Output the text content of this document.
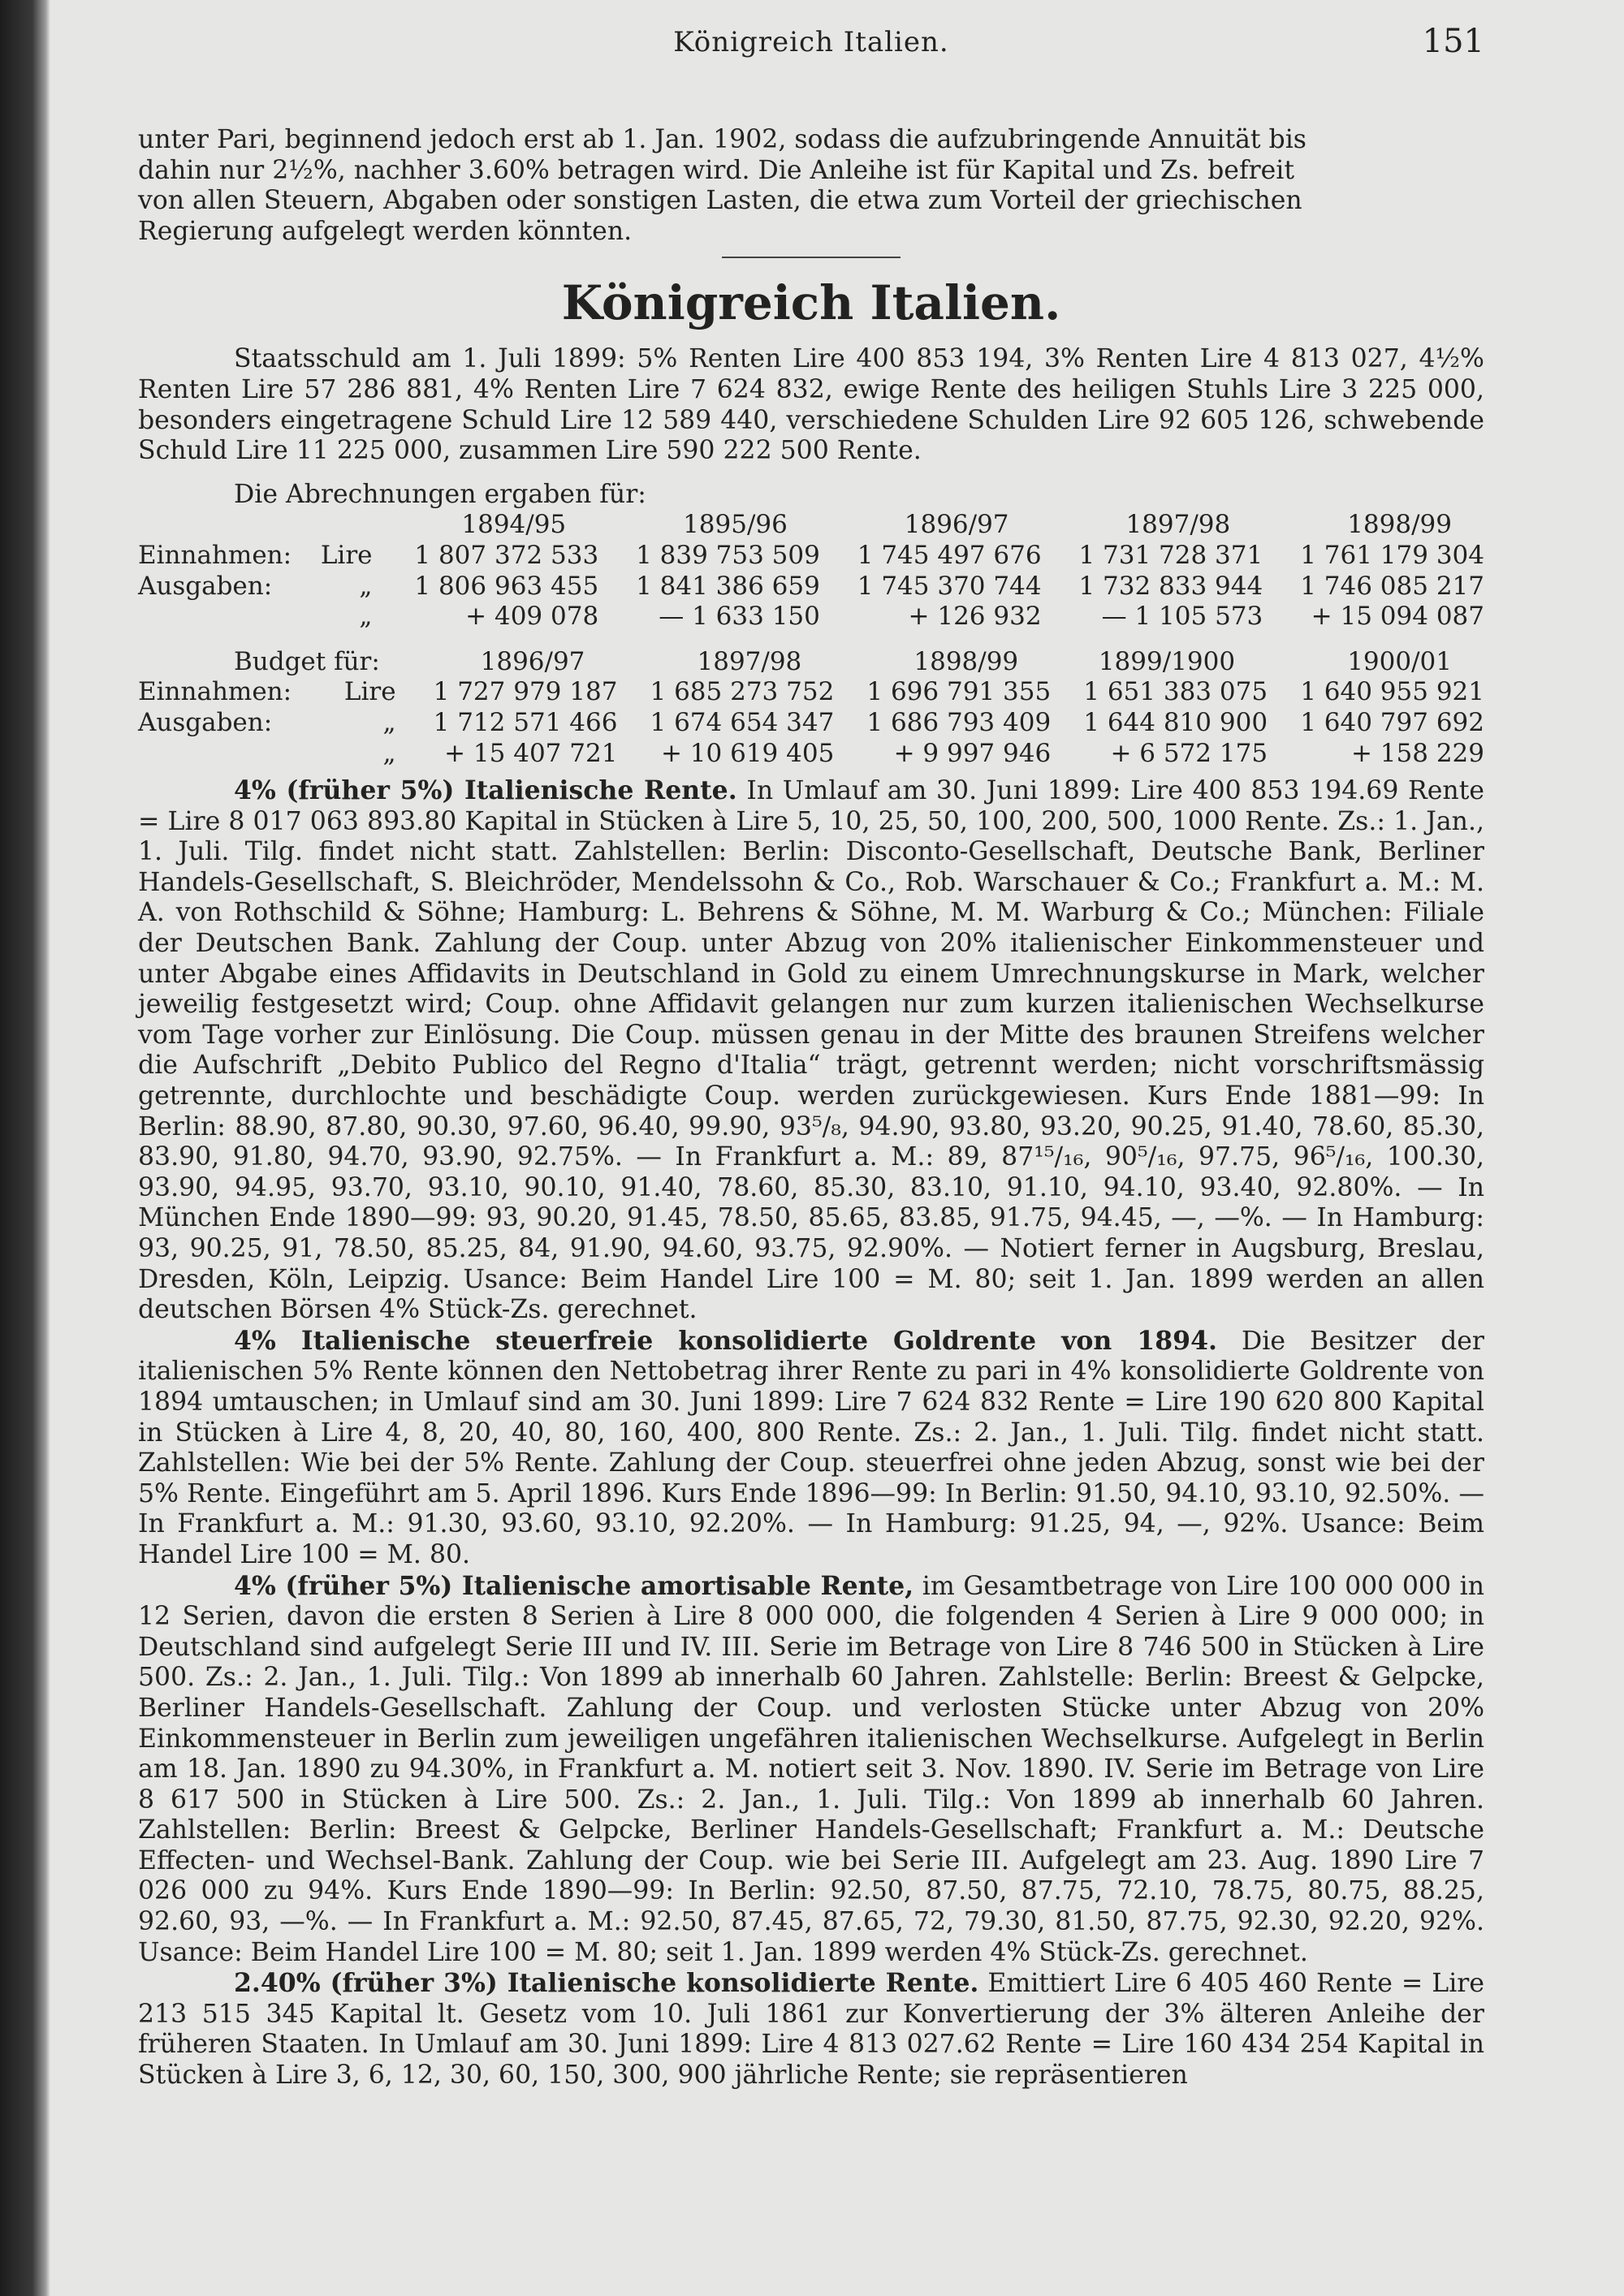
Königreich Italien.	151
unter Pari, beginnend jedoch erst ab 1. Jan. 1902, sodass die aufzubringende Annuität bis
dahin nur 2½%, nachher 3.60% betragen wird. Die Anleihe ist für Kapital und Zs. befreit
von allen Steuern, Abgaben oder sonstigen Lasten, die etwa zum Vorteil der griechischen
Regierung aufgelegt werden könnten.
Königreich Italien.

Staatsschuld am 1. Juli 1899: 5% Renten Lire 400 853 194, 3% Renten Lire 4 813 027, 4½% Renten Lire 57 286 881, 4% Renten Lire 7 624 832, ewige Rente des heiligen Stuhls Lire 3 225 000, besonders eingetragene Schuld Lire 12 589 440, verschiedene Schulden Lire 92 605 126, schwebende Schuld Lire 11 225 000, zusammen Lire 590 222 500 Rente.

Die Abrechnungen ergaben für:
		1894/95	1895/96	1896/97	1897/98	1898/99
Einnahmen:	Lire	1 807 372 533	1 839 753 509	1 745 497 676	1 731 728 371	1 761 179 304
Ausgaben:	„	1 806 963 455	1 841 386 659	1 745 370 744	1 732 833 944	1 746 085 217
	„	+ 409 078	— 1 633 150	+ 126 932	— 1 105 573	+ 15 094 087
Budget für:		1896/97	1897/98	1898/99	1899/1900	1900/01
Einnahmen:	Lire	1 727 979 187	1 685 273 752	1 696 791 355	1 651 383 075	1 640 955 921
Ausgaben:	„	1 712 571 466	1 674 654 347	1 686 793 409	1 644 810 900	1 640 797 692
	„	+ 15 407 721	+ 10 619 405	+ 9 997 946	+ 6 572 175	+ 158 229

4% (früher 5%) Italienische Rente. In Umlauf am 30. Juni 1899: Lire 400 853 194.69 Rente = Lire 8 017 063 893.80 Kapital in Stücken à Lire 5, 10, 25, 50, 100, 200, 500, 1000 Rente. Zs.: 1. Jan., 1. Juli. Tilg. findet nicht statt. Zahlstellen: Berlin: Disconto-Gesellschaft, Deutsche Bank, Berliner Handels-Gesellschaft, S. Bleichröder, Mendelssohn & Co., Rob. Warschauer & Co.; Frankfurt a. M.: M. A. von Rothschild & Söhne; Hamburg: L. Behrens & Söhne, M. M. Warburg & Co.; München: Filiale der Deutschen Bank. Zahlung der Coup. unter Abzug von 20% italienischer Einkommensteuer und unter Abgabe eines Affidavits in Deutschland in Gold zu einem Umrechnungskurse in Mark, welcher jeweilig festgesetzt wird; Coup. ohne Affidavit gelangen nur zum kurzen italienischen Wechselkurse vom Tage vorher zur Einlösung. Die Coup. müssen genau in der Mitte des braunen Streifens welcher die Aufschrift „Debito Publico del Regno d'Italia“ trägt, getrennt werden; nicht vorschriftsmässig getrennte, durchlochte und beschädigte Coup. werden zurückgewiesen. Kurs Ende 1881—99: In Berlin: 88.90, 87.80, 90.30, 97.60, 96.40, 99.90, 93⁵/₈, 94.90, 93.80, 93.20, 90.25, 91.40, 78.60, 85.30, 83.90, 91.80, 94.70, 93.90, 92.75%. — In Frankfurt a. M.: 89, 87¹⁵/₁₆, 90⁵/₁₆, 97.75, 96⁵/₁₆, 100.30, 93.90, 94.95, 93.70, 93.10, 90.10, 91.40, 78.60, 85.30, 83.10, 91.10, 94.10, 93.40, 92.80%. — In München Ende 1890—99: 93, 90.20, 91.45, 78.50, 85.65, 83.85, 91.75, 94.45, —, —%. — In Hamburg: 93, 90.25, 91, 78.50, 85.25, 84, 91.90, 94.60, 93.75, 92.90%. — Notiert ferner in Augsburg, Breslau, Dresden, Köln, Leipzig. Usance: Beim Handel Lire 100 = M. 80; seit 1. Jan. 1899 werden an allen deutschen Börsen 4% Stück-Zs. gerechnet.

4% Italienische steuerfreie konsolidierte Goldrente von 1894. Die Besitzer der italienischen 5% Rente können den Nettobetrag ihrer Rente zu pari in 4% konsolidierte Goldrente von 1894 umtauschen; in Umlauf sind am 30. Juni 1899: Lire 7 624 832 Rente = Lire 190 620 800 Kapital in Stücken à Lire 4, 8, 20, 40, 80, 160, 400, 800 Rente. Zs.: 2. Jan., 1. Juli. Tilg. findet nicht statt. Zahlstellen: Wie bei der 5% Rente. Zahlung der Coup. steuerfrei ohne jeden Abzug, sonst wie bei der 5% Rente. Eingeführt am 5. April 1896. Kurs Ende 1896—99: In Berlin: 91.50, 94.10, 93.10, 92.50%. — In Frankfurt a. M.: 91.30, 93.60, 93.10, 92.20%. — In Hamburg: 91.25, 94, —, 92%. Usance: Beim Handel Lire 100 = M. 80.

4% (früher 5%) Italienische amortisable Rente, im Gesamtbetrage von Lire 100 000 000 in 12 Serien, davon die ersten 8 Serien à Lire 8 000 000, die folgenden 4 Serien à Lire 9 000 000; in Deutschland sind aufgelegt Serie III und IV. III. Serie im Betrage von Lire 8 746 500 in Stücken à Lire 500. Zs.: 2. Jan., 1. Juli. Tilg.: Von 1899 ab innerhalb 60 Jahren. Zahlstelle: Berlin: Breest & Gelpcke, Berliner Handels-Gesellschaft. Zahlung der Coup. und verlosten Stücke unter Abzug von 20% Einkommensteuer in Berlin zum jeweiligen ungefähren italienischen Wechselkurse. Aufgelegt in Berlin am 18. Jan. 1890 zu 94.30%, in Frankfurt a. M. notiert seit 3. Nov. 1890. IV. Serie im Betrage von Lire 8 617 500 in Stücken à Lire 500. Zs.: 2. Jan., 1. Juli. Tilg.: Von 1899 ab innerhalb 60 Jahren. Zahlstellen: Berlin: Breest & Gelpcke, Berliner Handels-Gesellschaft; Frankfurt a. M.: Deutsche Effecten- und Wechsel-Bank. Zahlung der Coup. wie bei Serie III. Aufgelegt am 23. Aug. 1890 Lire 7 026 000 zu 94%. Kurs Ende 1890—99: In Berlin: 92.50, 87.50, 87.75, 72.10, 78.75, 80.75, 88.25, 92.60, 93, —%. — In Frankfurt a. M.: 92.50, 87.45, 87.65, 72, 79.30, 81.50, 87.75, 92.30, 92.20, 92%. Usance: Beim Handel Lire 100 = M. 80; seit 1. Jan. 1899 werden 4% Stück-Zs. gerechnet.

2.40% (früher 3%) Italienische konsolidierte Rente. Emittiert Lire 6 405 460 Rente = Lire 213 515 345 Kapital lt. Gesetz vom 10. Juli 1861 zur Konvertierung der 3% älteren Anleihe der früheren Staaten. In Umlauf am 30. Juni 1899: Lire 4 813 027.62 Rente = Lire 160 434 254 Kapital in Stücken à Lire 3, 6, 12, 30, 60, 150, 300, 900 jährliche Rente; sie repräsentieren
